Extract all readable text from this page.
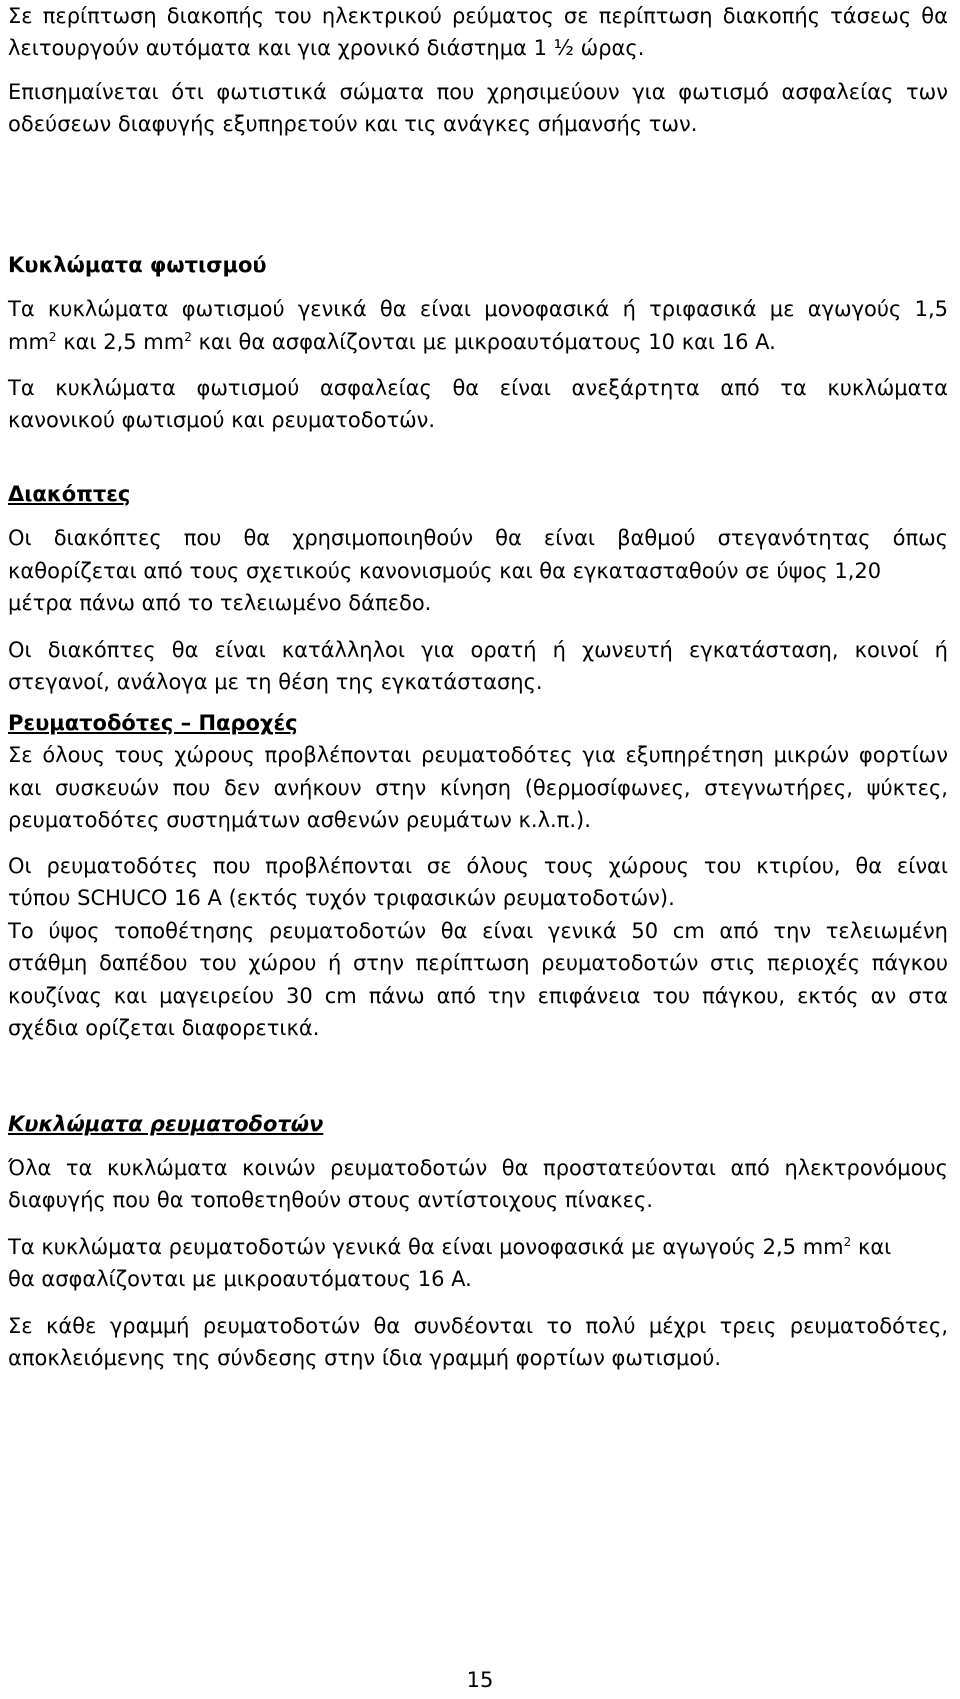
Σε περίπτωση διακοπής του ηλεκτρικού ρεύματος σε περίπτωση διακοπής τάσεως θα
λειτουργούν αυτόματα και για χρονικό διάστημα 1 ½ ώρας.
Επισημαίνεται ότι φωτιστικά σώματα που χρησιμεύουν για φωτισμό ασφαλείας των
οδεύσεων διαφυγής εξυπηρετούν και τις ανάγκες σήμανσής των.
Κυκλώματα φωτισμού
Τα κυκλώματα φωτισμού γενικά θα είναι μονοφασικά ή τριφασικά με αγωγούς 1,5
$mm^2$ και 2,5 $mm^2$ και θα ασφαλίζονται με μικροαυτόματους 10 και 16 A.
Τα κυκλώματα φωτισμού ασφαλείας θα είναι ανεξάρτητα από τα κυκλώματα
κανονικού φωτισμού και ρευματοδοτών.
Διακόπτες
Οι διακόπτες που θα χρησιμοποιηθούν θα είναι βαθμού στεγανότητας όπως
καθορίζεται από τους σχετικούς κανονισμούς και θα εγκατασταθούν σε ύψος 1,20
μέτρα πάνω από το τελειωμένο δάπεδο.
Οι διακόπτες θα είναι κατάλληλοι για ορατή ή χωνευτή εγκατάσταση, κοινοί ή
στεγανοί, ανάλογα με τη θέση της εγκατάστασης.
Ρευματοδότες – Παροχές
Σε όλους τους χώρους προβλέπονται ρευματοδότες για εξυπηρέτηση μικρών φορτίων
και συσκευών που δεν ανήκουν στην κίνηση (θερμοσίφωνες, στεγνωτήρες, ψύκτες,
ρευματοδότες συστημάτων ασθενών ρευμάτων κ.λ.π.).
Οι ρευματοδότες που προβλέπονται σε όλους τους χώρους του κτιρίου, θα είναι
τύπου SCHUCO 16 A (εκτός τυχόν τριφασικών ρευματοδοτών).
Το ύψος τοποθέτησης ρευματοδοτών θα είναι γενικά 50 cm από την τελειωμένη
στάθμη δαπέδου του χώρου ή στην περίπτωση ρευματοδοτών στις περιοχές πάγκου
κουζίνας και μαγειρείου 30 cm πάνω από την επιφάνεια του πάγκου, εκτός αν στα
σχέδια ορίζεται διαφορετικά.
Κυκλώματα ρευματοδοτών
Όλα τα κυκλώματα κοινών ρευματοδοτών θα προστατεύονται από ηλεκτρονόμους
διαφυγής που θα τοποθετηθούν στους αντίστοιχους πίνακες.
Τα κυκλώματα ρευματοδοτών γενικά θα είναι μονοφασικά με αγωγούς 2,5 $mm^2$ και
θα ασφαλίζονται με μικροαυτόματους 16 A.
Σε κάθε γραμμή ρευματοδοτών θα συνδέονται το πολύ μέχρι τρεις ρευματοδότες,
αποκλειόμενης της σύνδεσης στην ίδια γραμμή φορτίων φωτισμού.
15
